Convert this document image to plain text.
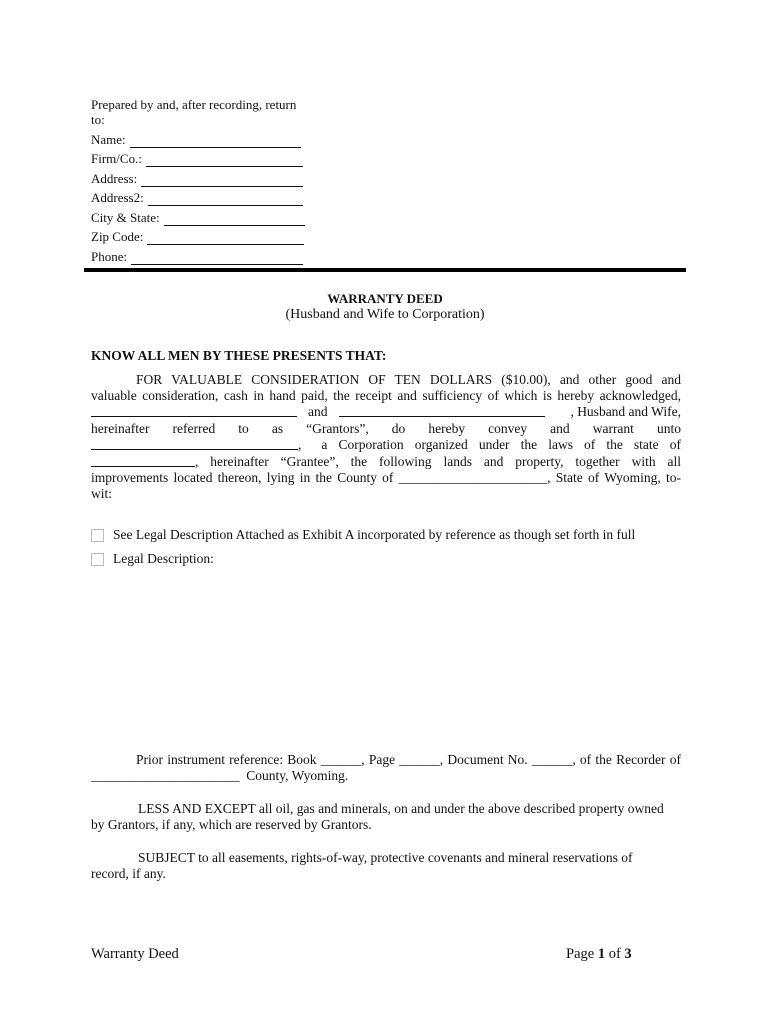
Prepared by and, after recording, return to:
Name:
Firm/Co.:
Address:
Address2:
City & State:
Zip Code:
Phone:
WARRANTY DEED
(Husband and Wife to Corporation)
KNOW ALL MEN BY THESE PRESENTS THAT:
FOR VALUABLE CONSIDERATION OF TEN DOLLARS ($10.00), and other good and
valuable consideration, cash in hand paid, the receipt and sufficiency of which is hereby acknowledged,
and	, Husband and Wife,
hereinafter referred to as “Grantors”, do hereby convey and warrant unto
, a Corporation organized under the laws of the state of
, hereinafter “Grantee”, the following lands and property, together with all
improvements located thereon, lying in the County of ______________________, State of Wyoming, to-
wit:
See Legal Description Attached as Exhibit A incorporated by reference as though set forth in full
Legal Description:
Prior instrument reference: Book ______, Page ______, Document No. ______, of the Recorder of
______________________  County, Wyoming.
LESS AND EXCEPT all oil, gas and minerals, on and under the above described property owned
by Grantors, if any, which are reserved by Grantors.
SUBJECT to all easements, rights-of-way, protective covenants and mineral reservations of
record, if any.
Warranty Deed	Page 1 of 3
